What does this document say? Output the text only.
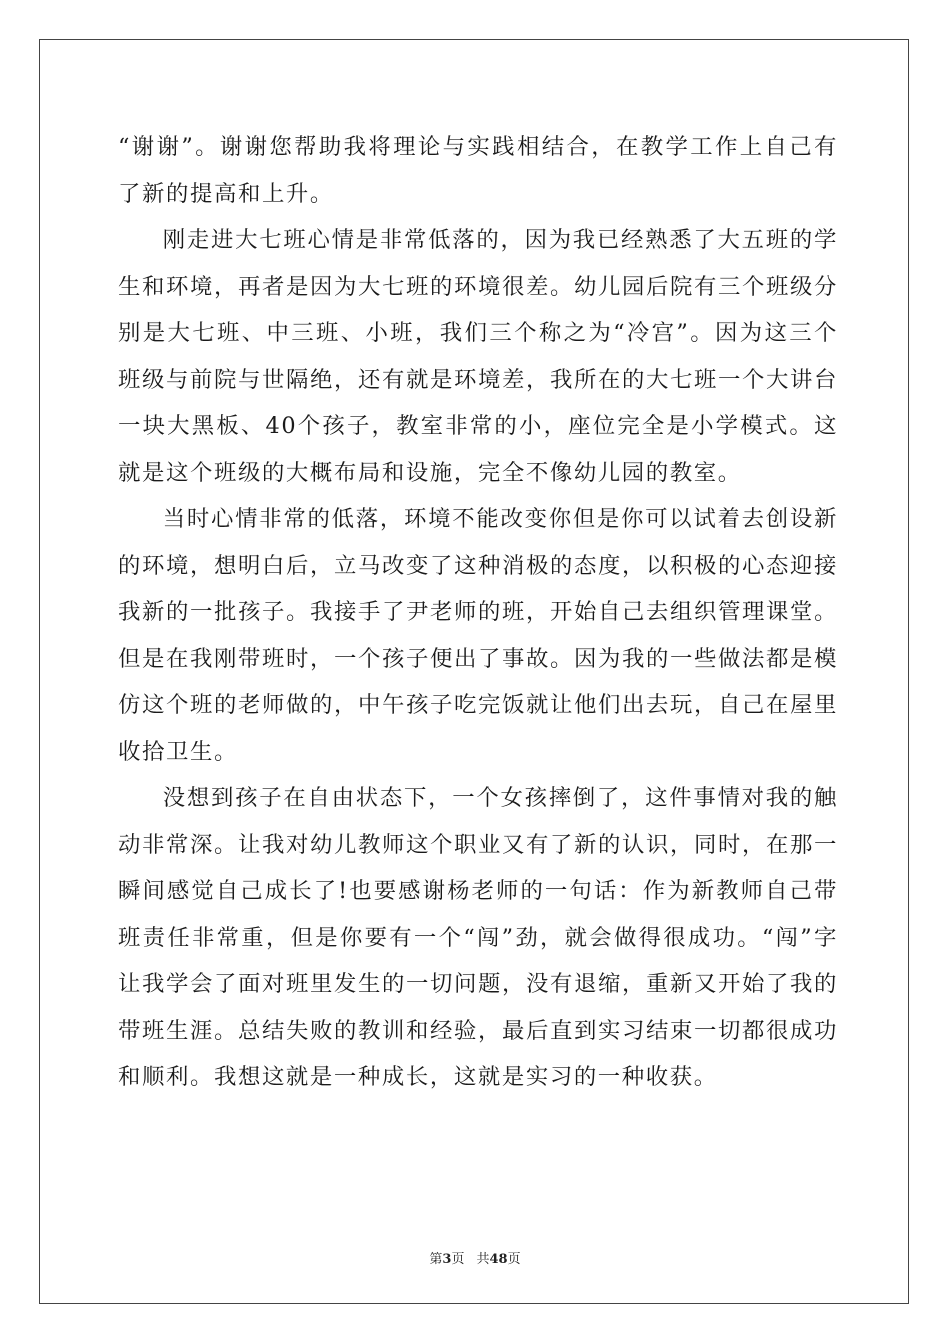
“谢谢”。谢谢您帮助我将理论与实践相结合，在教学工作上自己有了新的提高和上升。

刚走进大七班心情是非常低落的，因为我已经熟悉了大五班的学生和环境，再者是因为大七班的环境很差。幼儿园后院有三个班级分别是大七班、中三班、小班，我们三个称之为“冷宫”。因为这三个班级与前院与世隔绝，还有就是环境差，我所在的大七班一个大讲台一块大黑板、40个孩子，教室非常的小，座位完全是小学模式。这就是这个班级的大概布局和设施，完全不像幼儿园的教室。

当时心情非常的低落，环境不能改变你但是你可以试着去创设新的环境，想明白后，立马改变了这种消极的态度，以积极的心态迎接我新的一批孩子。我接手了尹老师的班，开始自己去组织管理课堂。但是在我刚带班时，一个孩子便出了事故。因为我的一些做法都是模仿这个班的老师做的，中午孩子吃完饭就让他们出去玩，自己在屋里收拾卫生。

没想到孩子在自由状态下，一个女孩摔倒了，这件事情对我的触动非常深。让我对幼儿教师这个职业又有了新的认识，同时，在那一瞬间感觉自己成长了!也要感谢杨老师的一句话：作为新教师自己带班责任非常重，但是你要有一个“闯”劲，就会做得很成功。“闯”字让我学会了面对班里发生的一切问题，没有退缩，重新又开始了我的带班生涯。总结失败的教训和经验，最后直到实习结束一切都很成功和顺利。我想这就是一种成长，这就是实习的一种收获。

第3页 共48页
